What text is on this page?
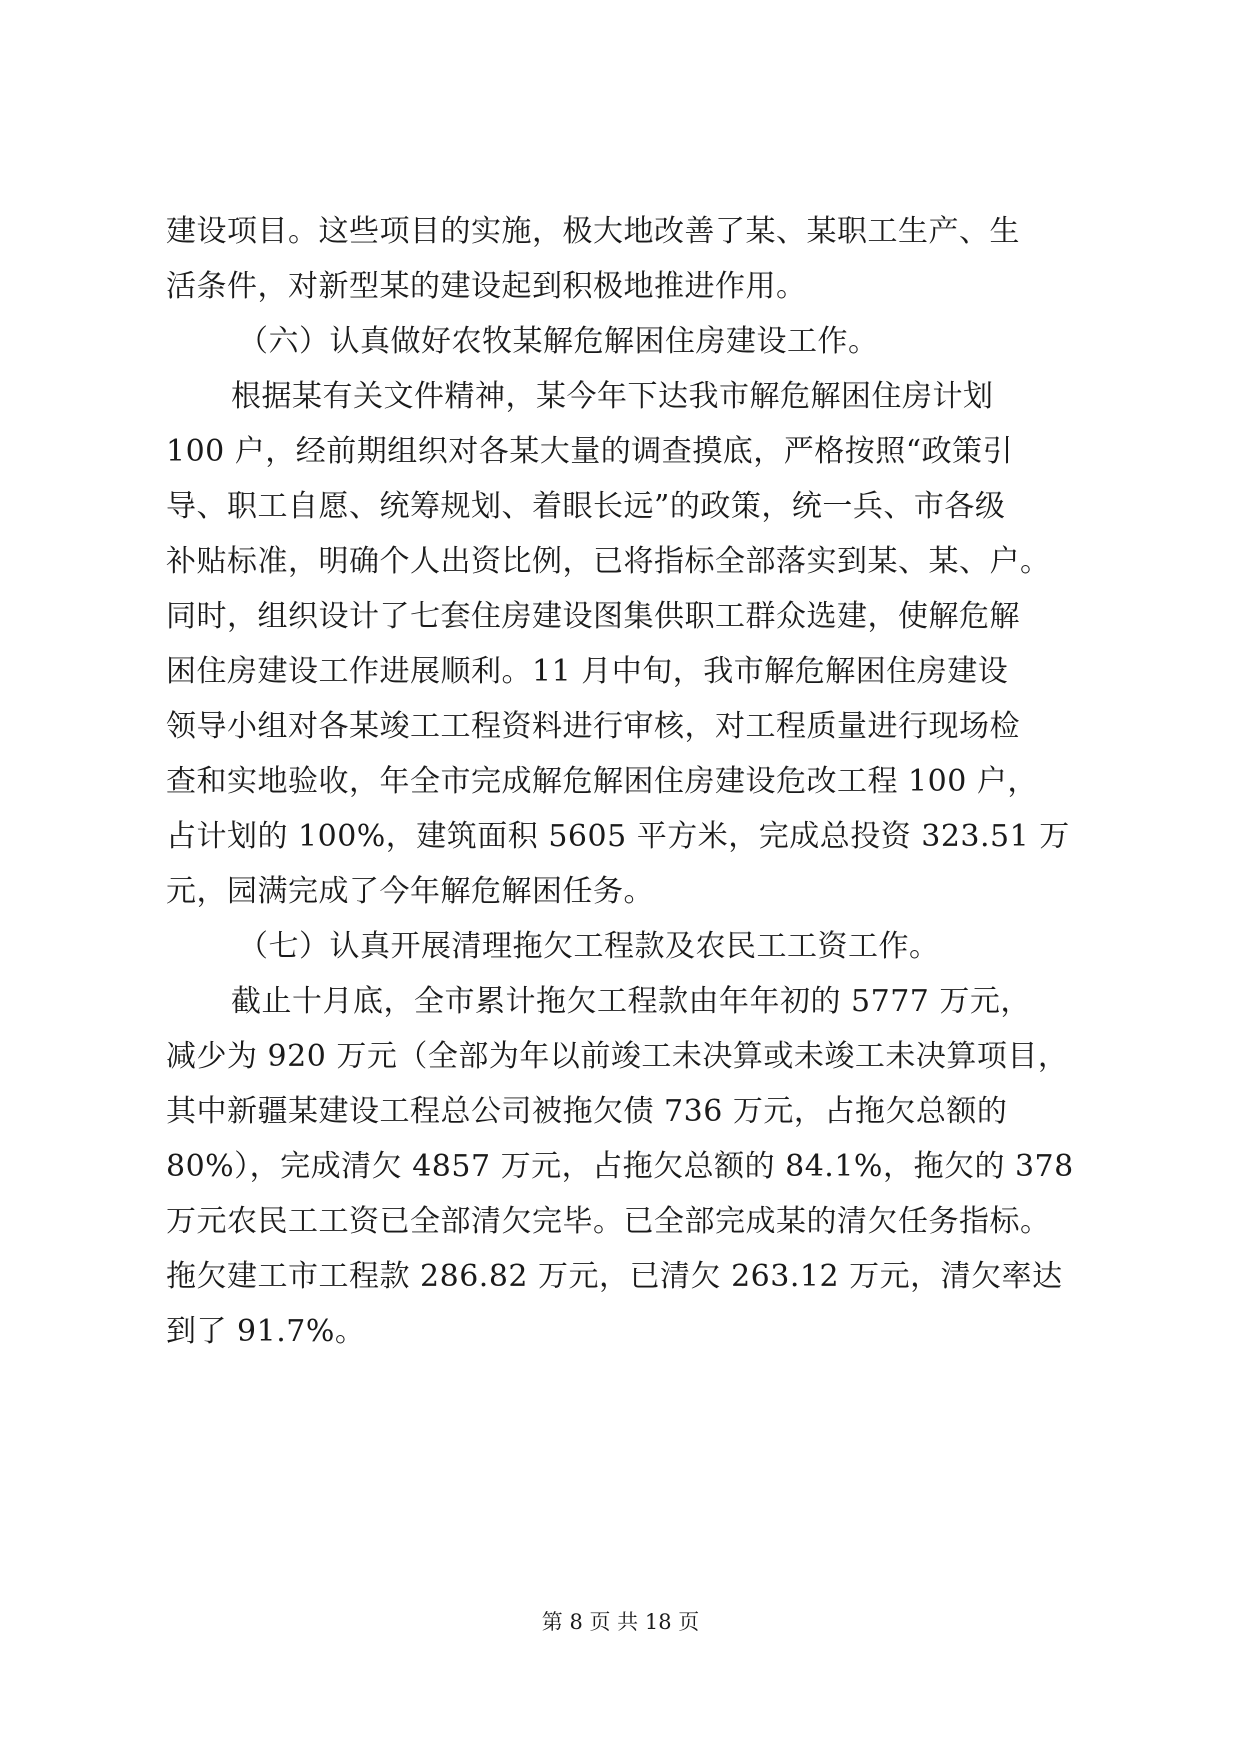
建设项目。这些项目的实施，极大地改善了某、某职工生产、生
活条件，对新型某的建设起到积极地推进作用。
（六）认真做好农牧某解危解困住房建设工作。
根据某有关文件精神，某今年下达我市解危解困住房计划
100 户，经前期组织对各某大量的调查摸底，严格按照“政策引
导、职工自愿、统筹规划、着眼长远”的政策，统一兵、市各级
补贴标准，明确个人出资比例，已将指标全部落实到某、某、户。
同时，组织设计了七套住房建设图集供职工群众选建，使解危解
困住房建设工作进展顺利。11 月中旬，我市解危解困住房建设
领导小组对各某竣工工程资料进行审核，对工程质量进行现场检
查和实地验收，年全市完成解危解困住房建设危改工程 100 户，
占计划的 100%，建筑面积 5605 平方米，完成总投资 323.51 万
元，园满完成了今年解危解困任务。
（七）认真开展清理拖欠工程款及农民工工资工作。
截止十月底，全市累计拖欠工程款由年年初的 5777 万元，
减少为 920 万元（全部为年以前竣工未决算或未竣工未决算项目，
其中新疆某建设工程总公司被拖欠债 736 万元，占拖欠总额的
80%），完成清欠 4857 万元，占拖欠总额的 84.1%，拖欠的 378
万元农民工工资已全部清欠完毕。已全部完成某的清欠任务指标。
拖欠建工市工程款 286.82 万元，已清欠 263.12 万元，清欠率达
到了 91.7%。
第 8 页 共 18 页
